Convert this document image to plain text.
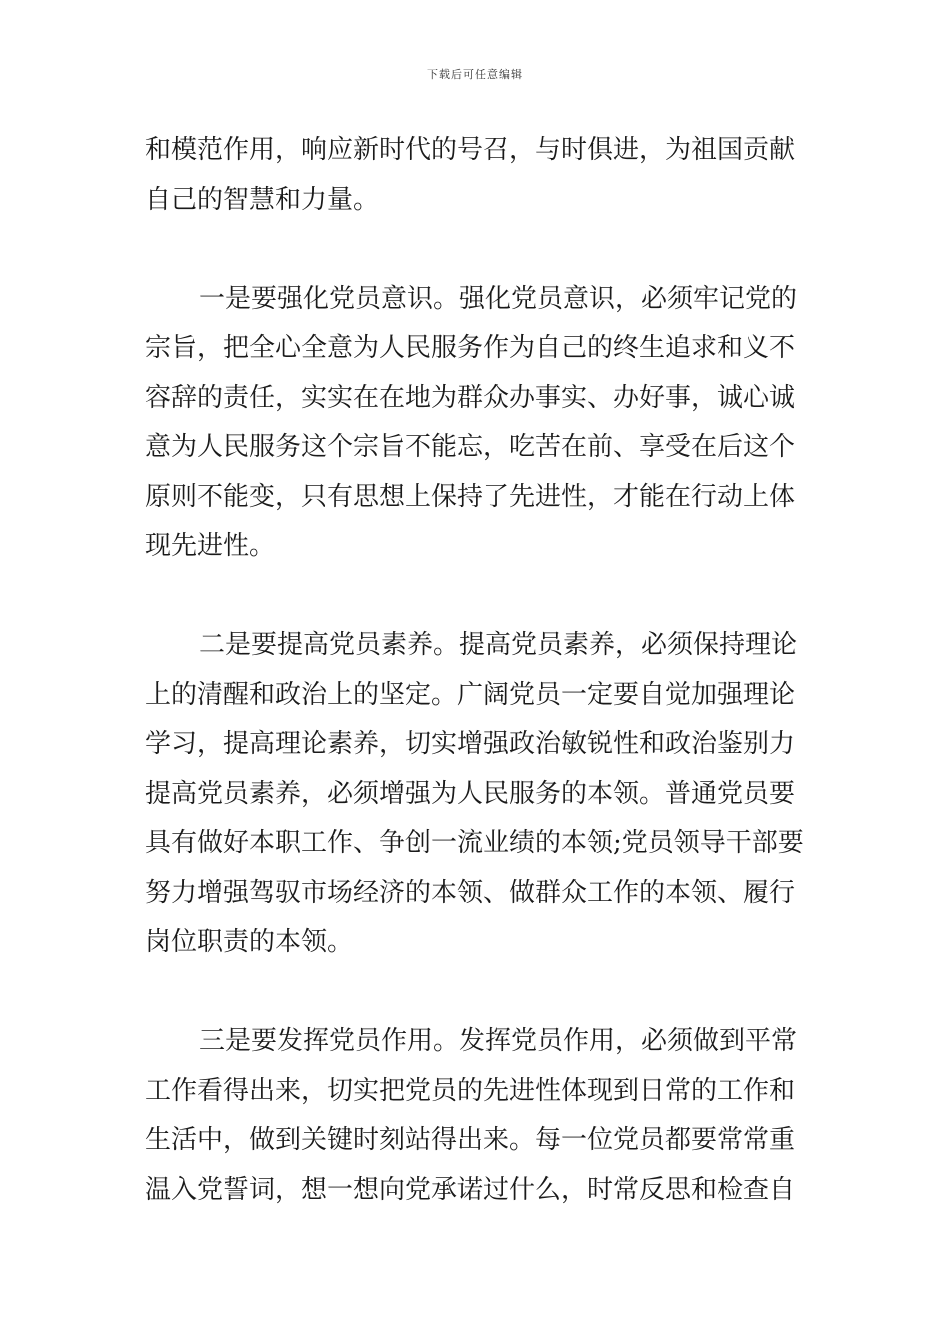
下载后可任意编辑
和模范作用，响应新时代的号召，与时俱进，为祖国贡献
自己的智慧和力量。
一是要强化党员意识。强化党员意识，必须牢记党的
宗旨，把全心全意为人民服务作为自己的终生追求和义不
容辞的责任，实实在在地为群众办事实、办好事，诚心诚
意为人民服务这个宗旨不能忘，吃苦在前、享受在后这个
原则不能变，只有思想上保持了先进性，才能在行动上体
现先进性。
二是要提高党员素养。提高党员素养，必须保持理论
上的清醒和政治上的坚定。广阔党员一定要自觉加强理论
学习，提高理论素养，切实增强政治敏锐性和政治鉴别力
提高党员素养，必须增强为人民服务的本领。普通党员要
具有做好本职工作、争创一流业绩的本领;党员领导干部要
努力增强驾驭市场经济的本领、做群众工作的本领、履行
岗位职责的本领。
三是要发挥党员作用。发挥党员作用，必须做到平常
工作看得出来，切实把党员的先进性体现到日常的工作和
生活中，做到关键时刻站得出来。每一位党员都要常常重
温入党誓词，想一想向党承诺过什么，时常反思和检查自
